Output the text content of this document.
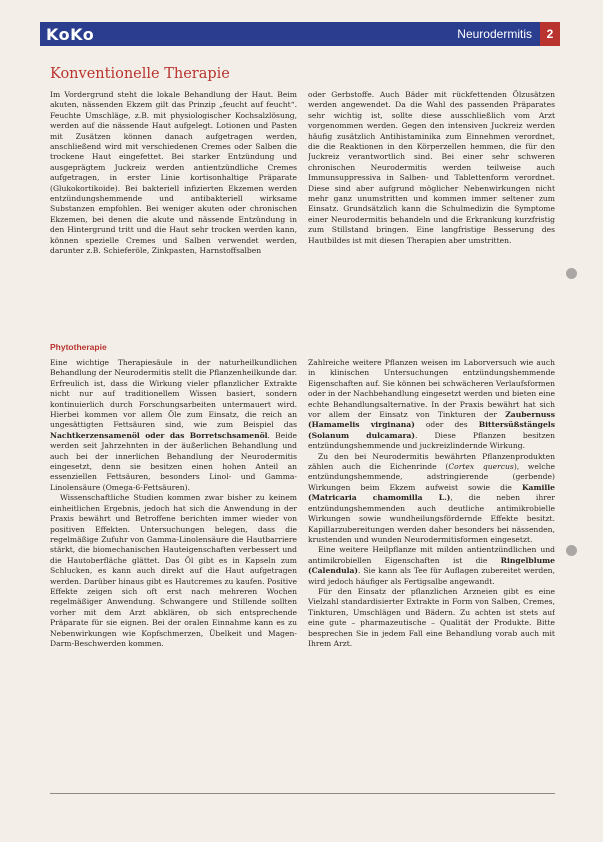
KoKo	Neurodermitis	2
Konventionelle Therapie

Im Vordergrund steht die lokale Behandlung der Haut. Beim akuten, nässenden Ekzem gilt das Prinzip „feucht auf feucht“. Feuchte Umschläge, z.B. mit physiologischer Kochsalzlösung, werden auf die nässende Haut aufgelegt. Lotionen und Pasten mit Zusätzen können danach aufgetragen werden, anschließend wird mit verschiedenen Cremes oder Salben die trockene Haut eingefettet. Bei starker Entzündung und ausgeprägtem Juckreiz werden antientzündliche Cremes aufgetragen, in erster Linie kortisonhaltige Präparate (Glukokortikoide). Bei bakteriell infizierten Ekzemen werden entzündungshemmende und antibakteriell wirksame Substanzen empfohlen. Bei weniger akuten oder chronischen Ekzemen, bei denen die akute und nässende Entzündung in den Hintergrund tritt und die Haut sehr trocken werden kann, können spezielle Cremes und Salben verwendet werden, darunter z.B. Schieferöle, Zinkpasten, Harnstoffsalben

oder Gerbstoffe. Auch Bäder mit rückfettenden Ölzusätzen werden angewendet. Da die Wahl des passenden Präparates sehr wichtig ist, sollte diese ausschließlich vom Arzt vorgenommen werden. Gegen den intensiven Juckreiz werden häufig zusätzlich Antihistaminika zum Einnehmen verordnet, die die Reaktionen in den Körperzellen hemmen, die für den Juckreiz verantwortlich sind. Bei einer sehr schweren chronischen Neurodermitis werden teilweise auch Immunsuppressiva in Salben- und Tablettenform verordnet. Diese sind aber aufgrund möglicher Nebenwirkungen nicht mehr ganz unumstritten und kommen immer seltener zum Einsatz. Grundsätzlich kann die Schulmedizin die Symptome einer Neurodermitis behandeln und die Erkrankung kurzfristig zum Stillstand bringen. Eine langfristige Besserung des Hautbildes ist mit diesen Therapien aber umstritten.

Phytotherapie

Eine wichtige Therapiesäule in der naturheilkundlichen Behandlung der Neurodermitis stellt die Pflanzenheilkunde dar. Erfreulich ist, dass die Wirkung vieler pflanzlicher Extrakte nicht nur auf traditionellem Wissen basiert, sondern kontinuierlich durch Forschungsarbeiten untermauert wird. Hierbei kommen vor allem Öle zum Einsatz, die reich an ungesättigten Fettsäuren sind, wie zum Beispiel das Nachtkerzensamenöl oder das Borretschsamenöl. Beide werden seit Jahrzehnten in der äußerlichen Behandlung und auch bei der innerlichen Behandlung der Neurodermitis eingesetzt, denn sie besitzen einen hohen Anteil an essenziellen Fettsäuren, besonders Linol- und Gamma-Linolensäure (Omega-6-Fettsäuren).

Wissenschaftliche Studien kommen zwar bisher zu keinem einheitlichen Ergebnis, jedoch hat sich die Anwendung in der Praxis bewährt und Betroffene berichten immer wieder von positiven Effekten. Untersuchungen belegen, dass die regelmäßige Zufuhr von Gamma-Linolensäure die Hautbarriere stärkt, die biomechanischen Hauteigenschaften verbessert und die Hautoberfläche glättet. Das Öl gibt es in Kapseln zum Schlucken, es kann auch direkt auf die Haut aufgetragen werden. Darüber hinaus gibt es Hautcremes zu kaufen. Positive Effekte zeigen sich oft erst nach mehreren Wochen regelmäßiger Anwendung. Schwangere und Stillende sollten vorher mit dem Arzt abklären, ob sich entsprechende Präparate für sie eignen. Bei der oralen Einnahme kann es zu Nebenwirkungen wie Kopfschmerzen, Übelkeit und Magen-Darm-Beschwerden kommen.

Zahlreiche weitere Pflanzen weisen im Laborversuch wie auch in klinischen Untersuchungen entzündungshemmende Eigenschaften auf. Sie können bei schwächeren Verlaufsformen oder in der Nachbehandlung eingesetzt werden und bieten eine echte Behandlungsalternative. In der Praxis bewährt hat sich vor allem der Einsatz von Tinkturen der Zaubernuss (Hamamelis virginana) oder des Bittersüßstängels (Solanum dulcamara). Diese Pflanzen besitzen entzündungshemmende und juckreizlindernde Wirkung.

Zu den bei Neurodermitis bewährten Pflanzenprodukten zählen auch die Eichenrinde (Cortex quercus), welche entzündungshemmende, adstringierende (gerbende) Wirkungen beim Ekzem aufweist sowie die Kamille (Matricaria chamomilla L.), die neben ihrer entzündungshemmenden auch deutliche antimikrobielle Wirkungen sowie wundheilungsfördernde Effekte besitzt. Kapillarzubereitungen werden daher besonders bei nässenden, krustenden und wunden Neurodermitisformen eingesetzt.

Eine weitere Heilpflanze mit milden antientzündlichen und antimikrobiellen Eigenschaften ist die Ringelblume (Calendula). Sie kann als Tee für Auflagen zubereitet werden, wird jedoch häufiger als Fertigsalbe angewandt.

Für den Einsatz der pflanzlichen Arzneien gibt es eine Vielzahl standardisierter Extrakte in Form von Salben, Cremes, Tinkturen, Umschlägen und Bädern. Zu achten ist stets auf eine gute – pharmazeutische – Qualität der Produkte. Bitte besprechen Sie in jedem Fall eine Behandlung vorab auch mit Ihrem Arzt.
